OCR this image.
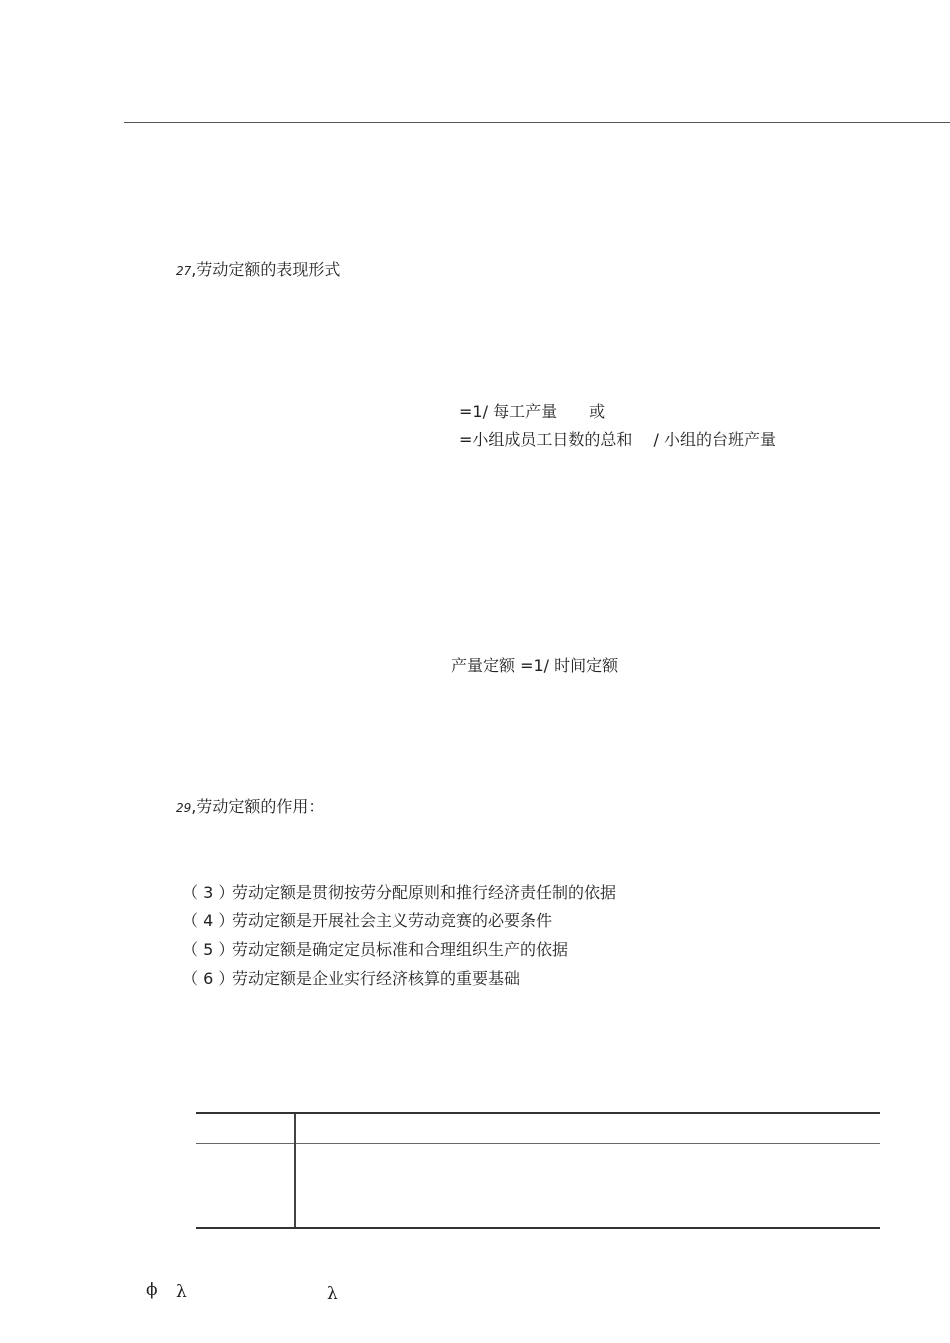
27,劳动定额的表现形式
=1/ 每工产量　　或
=小组成员工日数的总和　 / 小组的台班产量
产量定额 =1/ 时间定额
29,劳动定额的作用：
（ 3 ）劳动定额是贯彻按劳分配原则和推行经济责任制的依据
（ 4 ）劳动定额是开展社会主义劳动竞赛的必要条件
（ 5 ）劳动定额是确定定员标准和合理组织生产的依据
（ 6 ）劳动定额是企业实行经济核算的重要基础
ϕ λ	λ
